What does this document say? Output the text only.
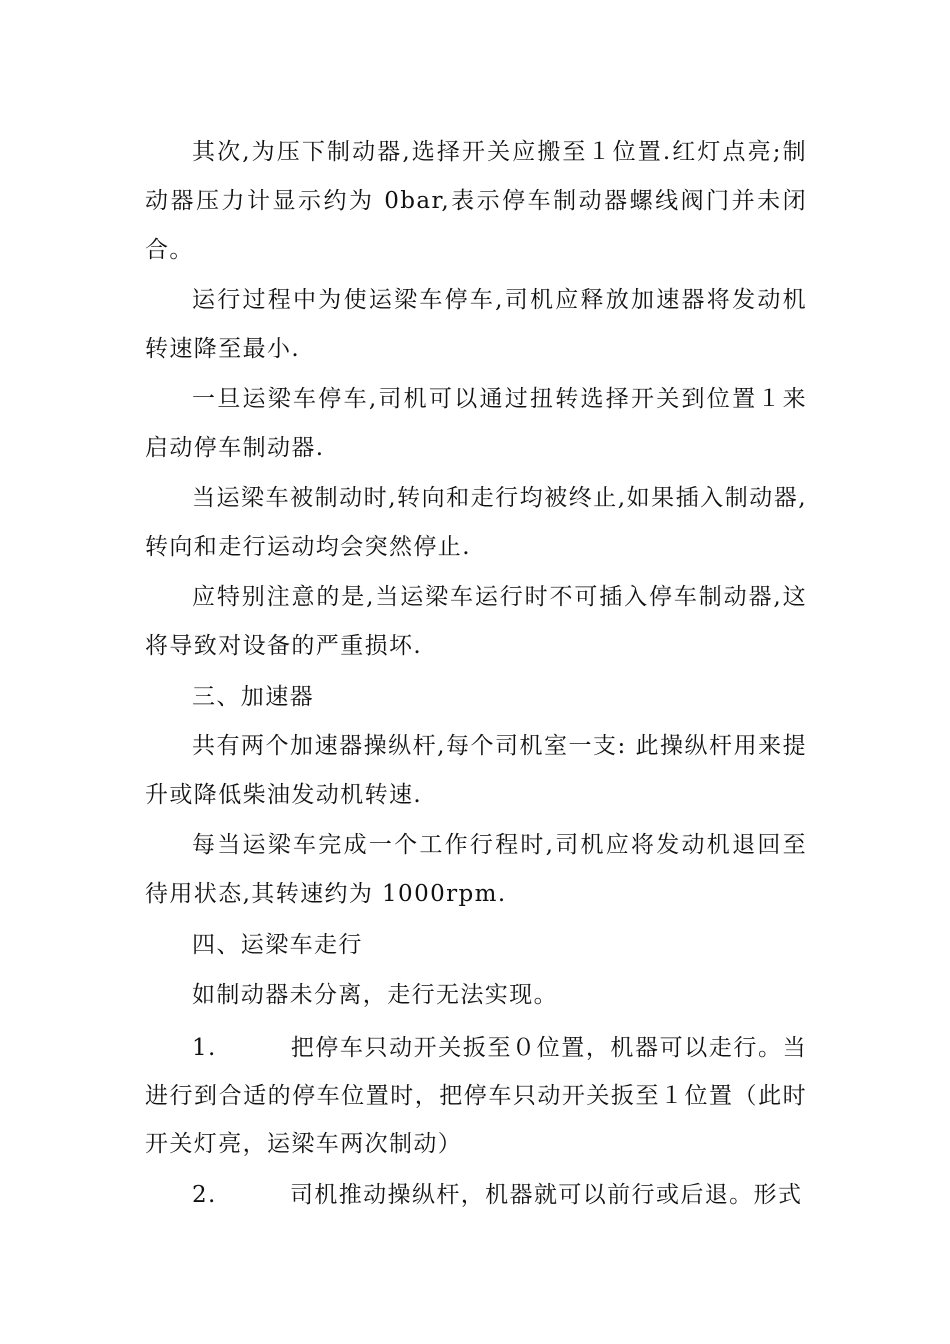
其次,为压下制动器,选择开关应搬至１位置.红灯点亮;制动器压力计显示约为 0bar,表示停车制动器螺线阀门并未闭合。

运行过程中为使运梁车停车,司机应释放加速器将发动机转速降至最小.

一旦运梁车停车,司机可以通过扭转选择开关到位置１来启动停车制动器.

当运梁车被制动时,转向和走行均被终止,如果插入制动器,转向和走行运动均会突然停止.

应特别注意的是,当运梁车运行时不可插入停车制动器,这将导致对设备的严重损坏.

三、加速器

共有两个加速器操纵杆,每个司机室一支: 此操纵杆用来提升或降低柴油发动机转速.

每当运梁车完成一个工作行程时,司机应将发动机退回至待用状态,其转速约为 1000rpm.

四、运梁车走行

如制动器未分离，走行无法实现。

1.　　　把停车只动开关扳至０位置，机器可以走行。当进行到合适的停车位置时，把停车只动开关扳至１位置（此时开关灯亮，运梁车两次制动）

2.　　　司机推动操纵杆，机器就可以前行或后退。形式
